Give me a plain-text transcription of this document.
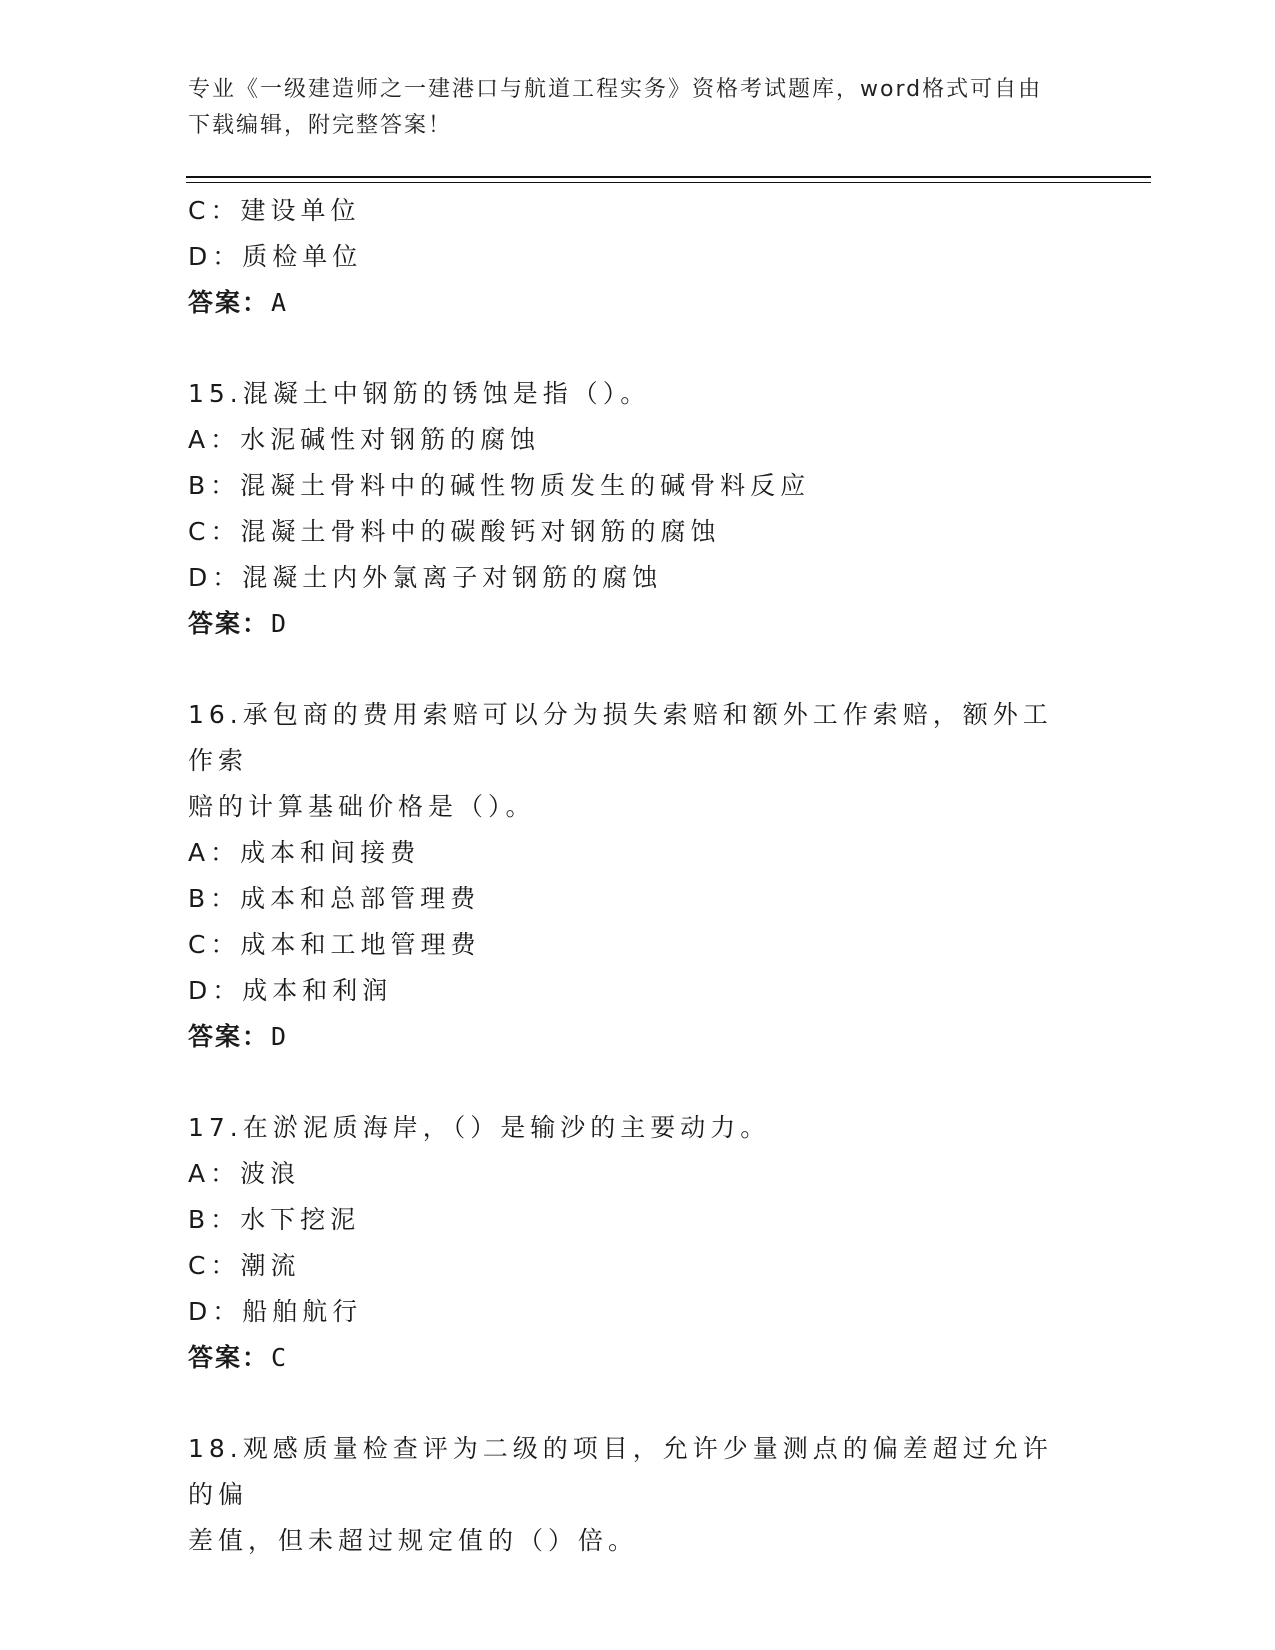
专业《一级建造师之一建港口与航道工程实务》资格考试题库，word格式可自由
下载编辑，附完整答案！
C：建设单位
D：质检单位
答案：A
15.混凝土中钢筋的锈蚀是指（）。
A：水泥碱性对钢筋的腐蚀
B：混凝土骨料中的碱性物质发生的碱骨料反应
C：混凝土骨料中的碳酸钙对钢筋的腐蚀
D：混凝土内外氯离子对钢筋的腐蚀
答案：D
16.承包商的费用索赔可以分为损失索赔和额外工作索赔，额外工作索
赔的计算基础价格是（）。
A：成本和间接费
B：成本和总部管理费
C：成本和工地管理费
D：成本和利润
答案：D
17.在淤泥质海岸，（）是输沙的主要动力。
A：波浪
B：水下挖泥
C：潮流
D：船舶航行
答案：C
18.观感质量检查评为二级的项目，允许少量测点的偏差超过允许的偏
差值，但未超过规定值的（）倍。
